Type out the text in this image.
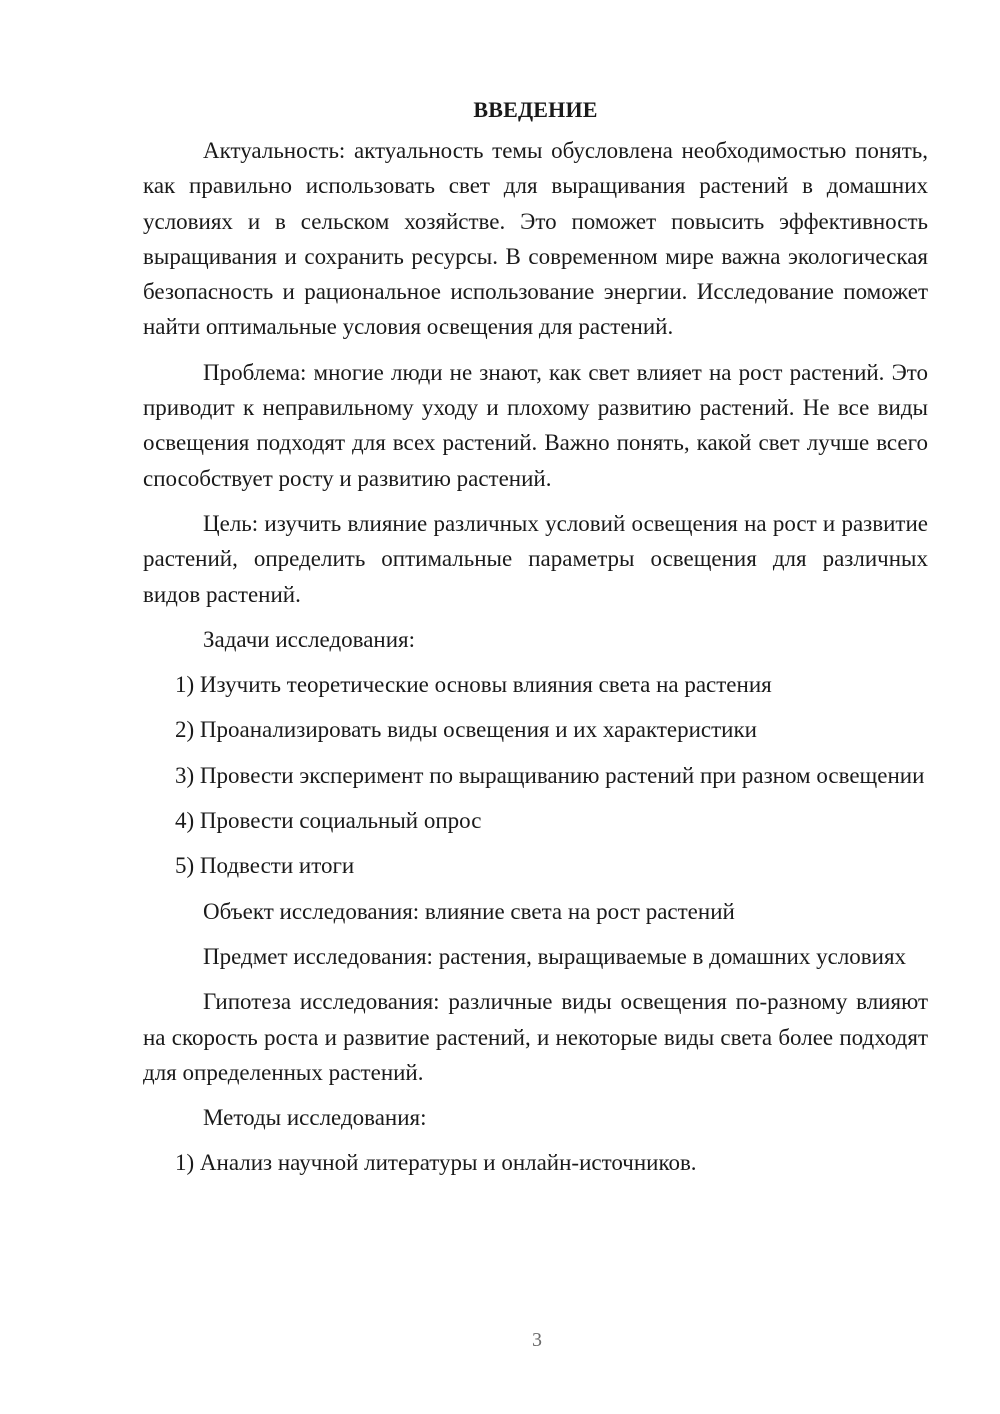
ВВЕДЕНИЕ

Актуальность: актуальность темы обусловлена необходимостью понять, как правильно использовать свет для выращивания растений в домашних условиях и в сельском хозяйстве. Это поможет повысить эффективность выращивания и сохранить ресурсы. В современном мире важна экологическая безопасность и рациональное использование энергии. Исследование поможет найти оптимальные условия освещения для растений.

Проблема: многие люди не знают, как свет влияет на рост растений. Это приводит к неправильному уходу и плохому развитию растений. Не все виды освещения подходят для всех растений. Важно понять, какой свет лучше всего способствует росту и развитию растений.

Цель: изучить влияние различных условий освещения на рост и развитие растений, определить оптимальные параметры освещения для различных видов растений.

Задачи исследования:

1) Изучить теоретические основы влияния света на растения

2) Проанализировать виды освещения и их характеристики

3) Провести эксперимент по выращиванию растений при разном освещении

4) Провести социальный опрос

5) Подвести итоги

Объект исследования: влияние света на рост растений

Предмет исследования: растения, выращиваемые в домашних условиях

Гипотеза исследования: различные виды освещения по-разному влияют на скорость роста и развитие растений, и некоторые виды света более подходят для определенных растений.

Методы исследования:

1) Анализ научной литературы и онлайн-источников.

3
